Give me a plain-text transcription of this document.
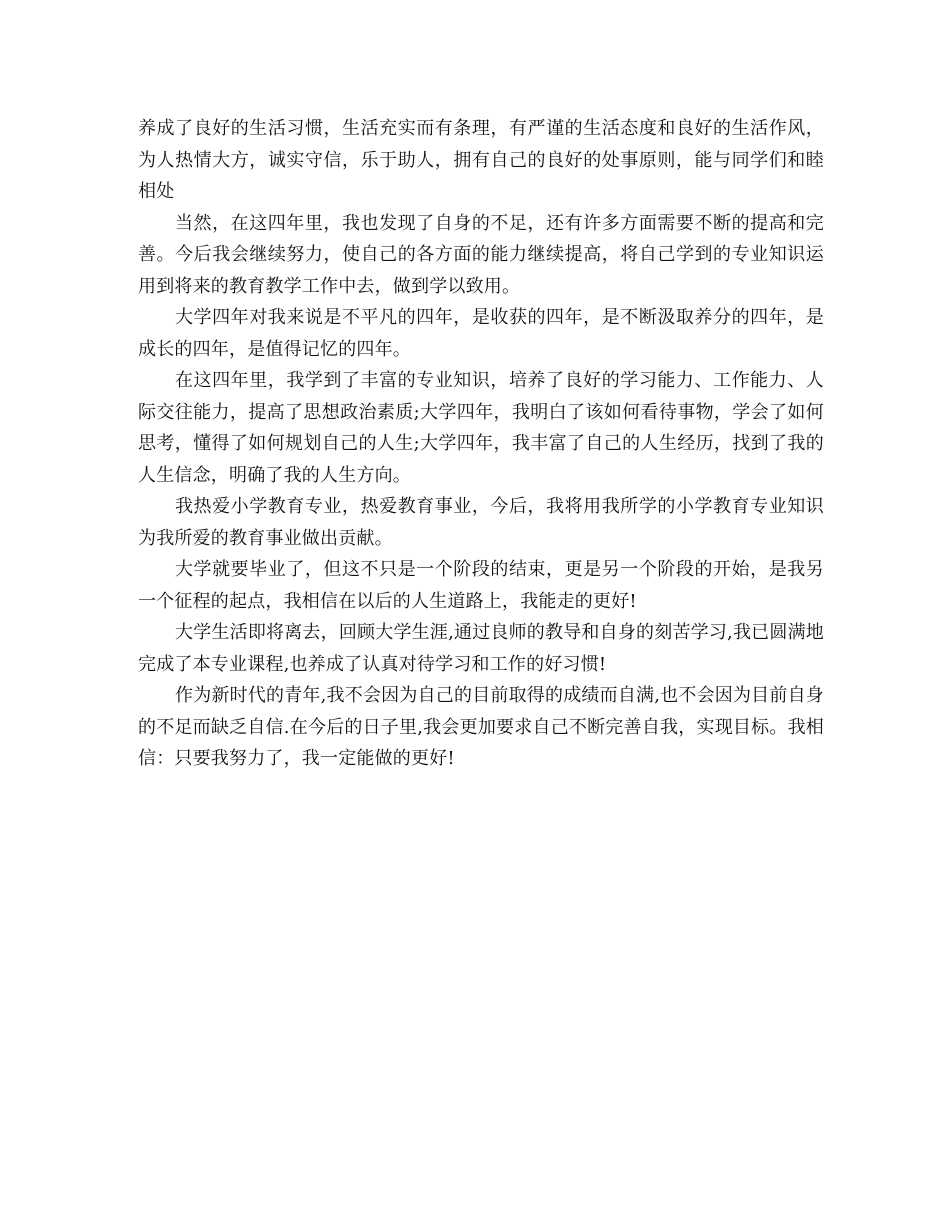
养成了良好的生活习惯，生活充实而有条理，有严谨的生活态度和良好的生活作风，为人热情大方，诚实守信，乐于助人，拥有自己的良好的处事原则，能与同学们和睦相处

当然，在这四年里，我也发现了自身的不足，还有许多方面需要不断的提高和完善。今后我会继续努力，使自己的各方面的能力继续提高，将自己学到的专业知识运用到将来的教育教学工作中去，做到学以致用。

大学四年对我来说是不平凡的四年，是收获的四年，是不断汲取养分的四年，是成长的四年，是值得记忆的四年。

在这四年里，我学到了丰富的专业知识，培养了良好的学习能力、工作能力、人际交往能力，提高了思想政治素质;大学四年，我明白了该如何看待事物，学会了如何思考，懂得了如何规划自己的人生;大学四年，我丰富了自己的人生经历，找到了我的人生信念，明确了我的人生方向。

我热爱小学教育专业，热爱教育事业，今后，我将用我所学的小学教育专业知识为我所爱的教育事业做出贡献。

大学就要毕业了，但这不只是一个阶段的结束，更是另一个阶段的开始，是我另一个征程的起点，我相信在以后的人生道路上，我能走的更好!

大学生活即将离去，回顾大学生涯,通过良师的教导和自身的刻苦学习,我已圆满地完成了本专业课程,也养成了认真对待学习和工作的好习惯!

作为新时代的青年,我不会因为自己的目前取得的成绩而自满,也不会因为目前自身的不足而缺乏自信.在今后的日子里,我会更加要求自己不断完善自我，实现目标。我相信：只要我努力了，我一定能做的更好!
